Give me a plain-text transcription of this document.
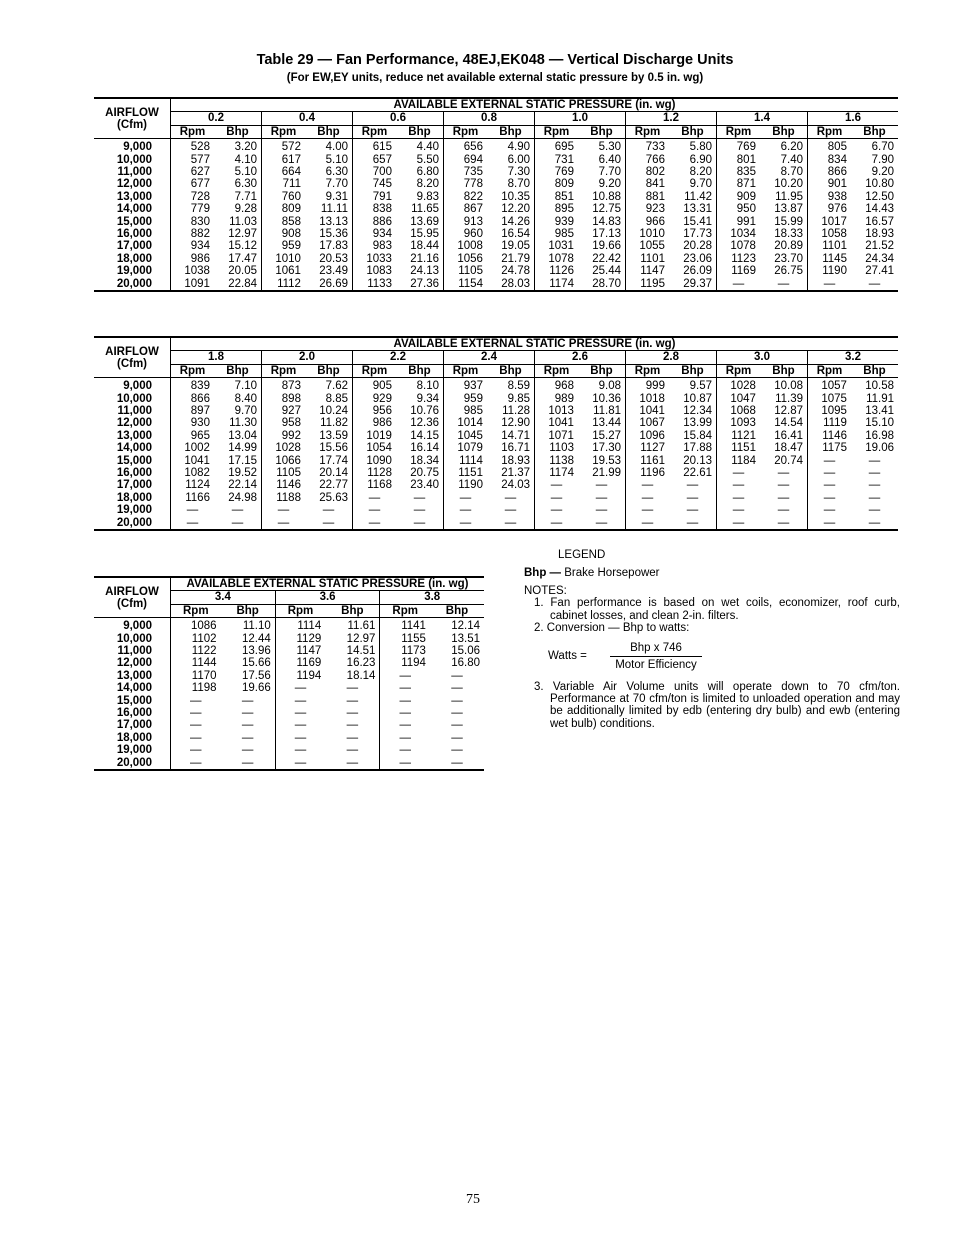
Table 29 — Fan Performance, 48EJ,EK048 — Vertical Discharge Units
(For EW,EY units, reduce net available external static pressure by 0.5 in. wg)
AIRFLOW
(Cfm)	AVAILABLE EXTERNAL STATIC PRESSURE (in. wg)															
	0.2		0.4		0.6		0.8		1.0		1.2		1.4		1.6	
	Rpm	Bhp	Rpm	Bhp	Rpm	Bhp	Rpm	Bhp	Rpm	Bhp	Rpm	Bhp	Rpm	Bhp	Rpm	Bhp
9,000	528	3.20	572	4.00	615	4.40	656	4.90	695	5.30	733	5.80	769	6.20	805	6.70
10,000	577	4.10	617	5.10	657	5.50	694	6.00	731	6.40	766	6.90	801	7.40	834	7.90
11,000	627	5.10	664	6.30	700	6.80	735	7.30	769	7.70	802	8.20	835	8.70	866	9.20
12,000	677	6.30	711	7.70	745	8.20	778	8.70	809	9.20	841	9.70	871	10.20	901	10.80
13,000	728	7.71	760	9.31	791	9.83	822	10.35	851	10.88	881	11.42	909	11.95	938	12.50
14,000	779	9.28	809	11.11	838	11.65	867	12.20	895	12.75	923	13.31	950	13.87	976	14.43
15,000	830	11.03	858	13.13	886	13.69	913	14.26	939	14.83	966	15.41	991	15.99	1017	16.57
16,000	882	12.97	908	15.36	934	15.95	960	16.54	985	17.13	1010	17.73	1034	18.33	1058	18.93
17,000	934	15.12	959	17.83	983	18.44	1008	19.05	1031	19.66	1055	20.28	1078	20.89	1101	21.52
18,000	986	17.47	1010	20.53	1033	21.16	1056	21.79	1078	22.42	1101	23.06	1123	23.70	1145	24.34
19,000	1038	20.05	1061	23.49	1083	24.13	1105	24.78	1126	25.44	1147	26.09	1169	26.75	1190	27.41
20,000	1091	22.84	1112	26.69	1133	27.36	1154	28.03	1174	28.70	1195	29.37	—	—	—	—
AIRFLOW
(Cfm)	AVAILABLE EXTERNAL STATIC PRESSURE (in. wg)															
	1.8		2.0		2.2		2.4		2.6		2.8		3.0		3.2	
	Rpm	Bhp	Rpm	Bhp	Rpm	Bhp	Rpm	Bhp	Rpm	Bhp	Rpm	Bhp	Rpm	Bhp	Rpm	Bhp
9,000	839	7.10	873	7.62	905	8.10	937	8.59	968	9.08	999	9.57	1028	10.08	1057	10.58
10,000	866	8.40	898	8.85	929	9.34	959	9.85	989	10.36	1018	10.87	1047	11.39	1075	11.91
11,000	897	9.70	927	10.24	956	10.76	985	11.28	1013	11.81	1041	12.34	1068	12.87	1095	13.41
12,000	930	11.30	958	11.82	986	12.36	1014	12.90	1041	13.44	1067	13.99	1093	14.54	1119	15.10
13,000	965	13.04	992	13.59	1019	14.15	1045	14.71	1071	15.27	1096	15.84	1121	16.41	1146	16.98
14,000	1002	14.99	1028	15.56	1054	16.14	1079	16.71	1103	17.30	1127	17.88	1151	18.47	1175	19.06
15,000	1041	17.15	1066	17.74	1090	18.34	1114	18.93	1138	19.53	1161	20.13	1184	20.74	—	—
16,000	1082	19.52	1105	20.14	1128	20.75	1151	21.37	1174	21.99	1196	22.61	—	—	—	—
17,000	1124	22.14	1146	22.77	1168	23.40	1190	24.03	—	—	—	—	—	—	—	—
18,000	1166	24.98	1188	25.63	—	—	—	—	—	—	—	—	—	—	—	—
19,000	—	—	—	—	—	—	—	—	—	—	—	—	—	—	—	—
20,000	—	—	—	—	—	—	—	—	—	—	—	—	—	—	—	—
AIRFLOW
(Cfm)	AVAILABLE EXTERNAL STATIC PRESSURE (in. wg)					
	3.4		3.6		3.8	
	Rpm	Bhp	Rpm	Bhp	Rpm	Bhp
9,000	1086	11.10	1114	11.61	1141	12.14
10,000	1102	12.44	1129	12.97	1155	13.51
11,000	1122	13.96	1147	14.51	1173	15.06
12,000	1144	15.66	1169	16.23	1194	16.80
13,000	1170	17.56	1194	18.14	—	—
14,000	1198	19.66	—	—	—	—
15,000	—	—	—	—	—	—
16,000	—	—	—	—	—	—
17,000	—	—	—	—	—	—
18,000	—	—	—	—	—	—
19,000	—	—	—	—	—	—
20,000	—	—	—	—	—	—
LEGEND
Bhp — Brake Horsepower
NOTES:
1. Fan performance is based on wet coils, economizer, roof curb, cabinet losses, and clean 2-in. filters.
2. Conversion — Bhp to watts:
3. Variable Air Volume units will operate down to 70 cfm/ton. Performance at 70 cfm/ton is limited to unloaded operation and may be additionally limited by edb (entering dry bulb) and ewb (entering wet bulb) conditions.
Watts =
Bhp x 746
Motor Efficiency
75
